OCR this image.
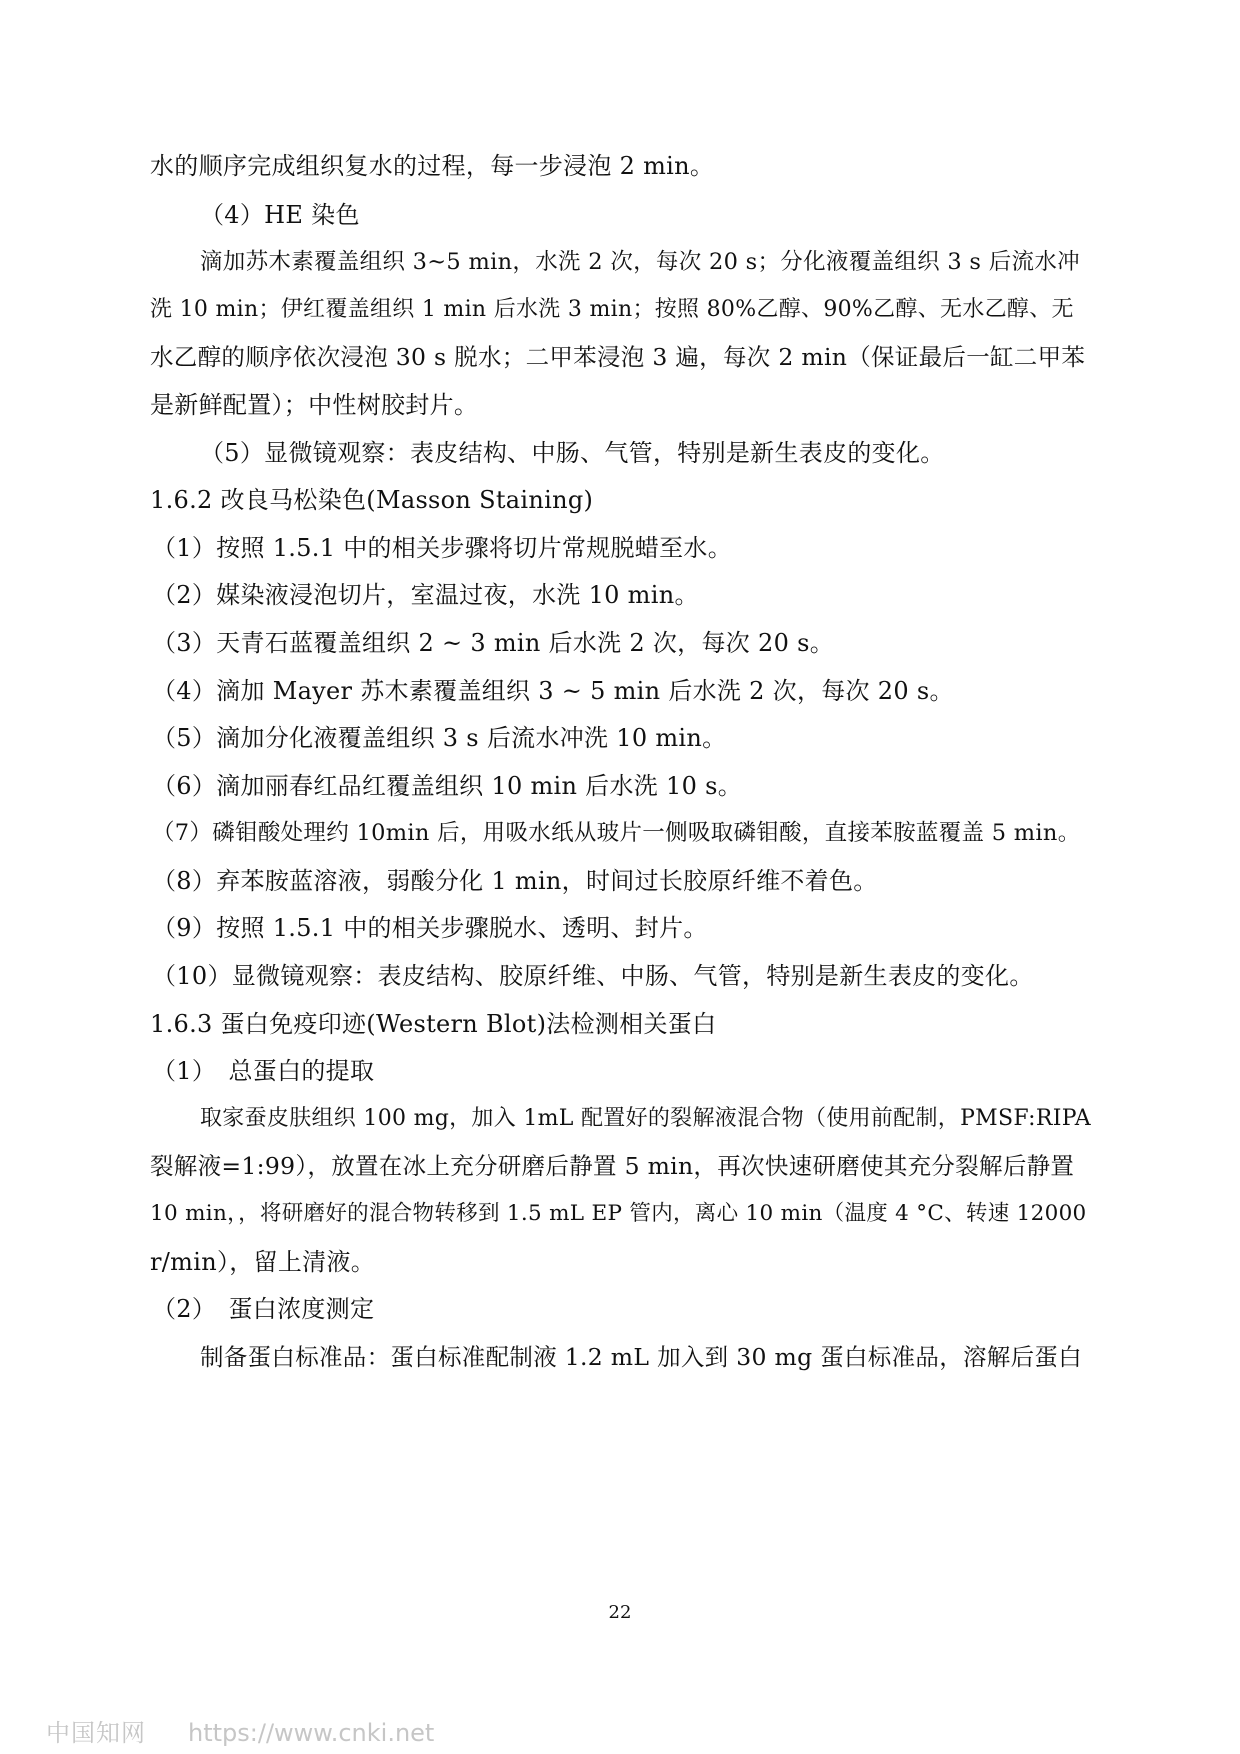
水的顺序完成组织复水的过程，每一步浸泡 2 min。
（4）HE 染色
滴加苏木素覆盖组织 3~5 min，水洗 2 次，每次 20 s；分化液覆盖组织 3 s 后流水冲
洗 10 min；伊红覆盖组织 1 min 后水洗 3 min；按照 80%乙醇、90%乙醇、无水乙醇、无
水乙醇的顺序依次浸泡 30 s 脱水；二甲苯浸泡 3 遍，每次 2 min（保证最后一缸二甲苯
是新鲜配置）；中性树胶封片。
（5）显微镜观察：表皮结构、中肠、气管，特别是新生表皮的变化。
1.6.2 改良马松染色(Masson Staining)
（1）按照 1.5.1 中的相关步骤将切片常规脱蜡至水。
（2）媒染液浸泡切片，室温过夜，水洗 10 min。
（3）天青石蓝覆盖组织 2 ~ 3 min 后水洗 2 次，每次 20 s。
（4）滴加 Mayer 苏木素覆盖组织 3 ~ 5 min 后水洗 2 次，每次 20 s。
（5）滴加分化液覆盖组织 3 s 后流水冲洗 10 min。
（6）滴加丽春红品红覆盖组织 10 min 后水洗 10 s。
（7）磷钼酸处理约 10min 后，用吸水纸从玻片一侧吸取磷钼酸，直接苯胺蓝覆盖 5 min。
（8）弃苯胺蓝溶液，弱酸分化 1 min，时间过长胶原纤维不着色。
（9）按照 1.5.1 中的相关步骤脱水、透明、封片。
（10）显微镜观察：表皮结构、胶原纤维、中肠、气管，特别是新生表皮的变化。
1.6.3 蛋白免疫印迹(Western Blot)法检测相关蛋白
（1）　总蛋白的提取
取家蚕皮肤组织 100 mg，加入 1mL 配置好的裂解液混合物（使用前配制，PMSF:RIPA
裂解液=1:99），放置在冰上充分研磨后静置 5 min，再次快速研磨使其充分裂解后静置
10 min，，将研磨好的混合物转移到 1.5 mL EP 管内，离心 10 min（温度 4 °C、转速 12000
r/min），留上清液。
（2）　蛋白浓度测定
制备蛋白标准品：蛋白标准配制液 1.2 mL 加入到 30 mg 蛋白标准品，溶解后蛋白
22
中国知网 https://www.cnki.net
